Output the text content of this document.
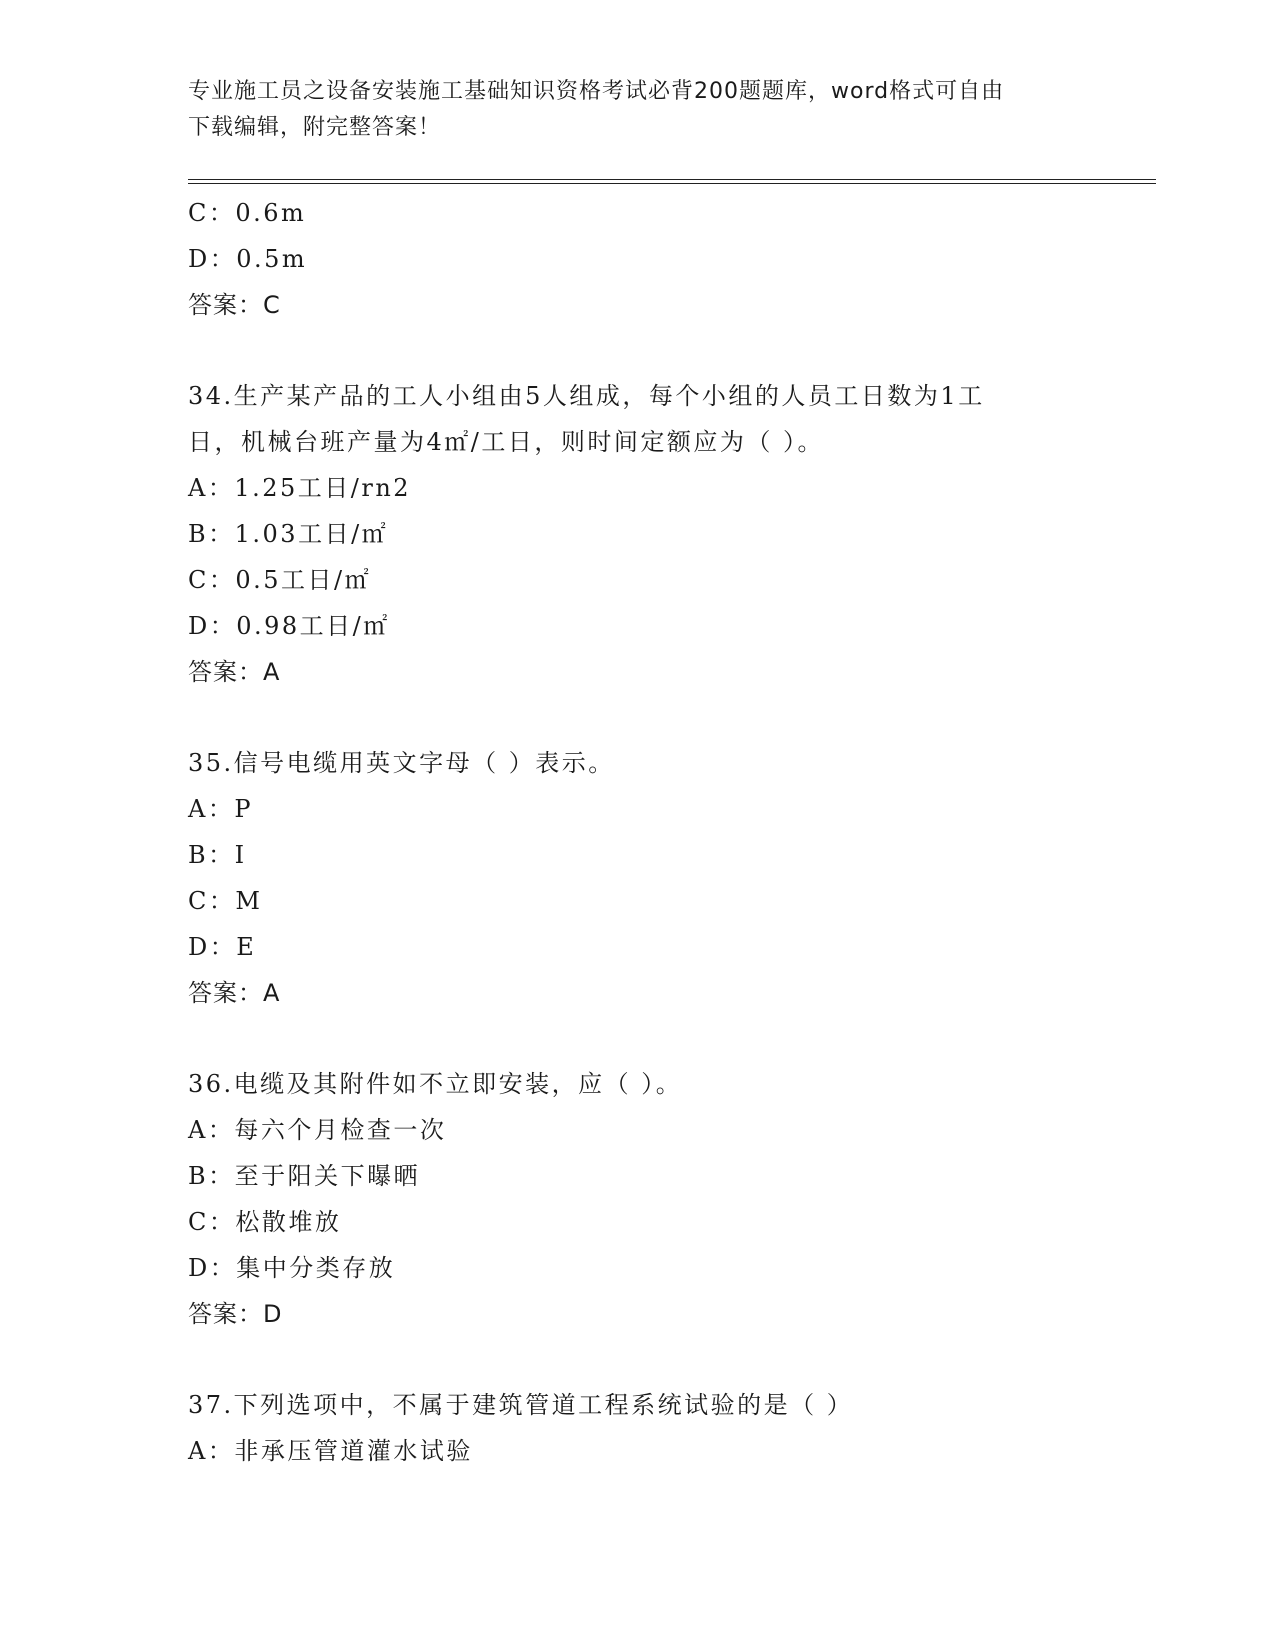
专业施工员之设备安装施工基础知识资格考试必背200题题库，word格式可自由
下载编辑，附完整答案！
C：0.6m
D：0.5m
答案：C
34.生产某产品的工人小组由5人组成，每个小组的人员工日数为1工
日，机械台班产量为4㎡/工日，则时间定额应为（ ）。
A：1.25工日/rn2
B：1.03工日/㎡
C：0.5工日/㎡
D：0.98工日/㎡
答案：A
35.信号电缆用英文字母（ ）表示。
A：P
B：I
C：M
D：E
答案：A
36.电缆及其附件如不立即安装，应（ ）。
A：每六个月检查一次
B：至于阳关下曝晒
C：松散堆放
D：集中分类存放
答案：D
37.下列选项中，不属于建筑管道工程系统试验的是（ ）
A：非承压管道灌水试验
